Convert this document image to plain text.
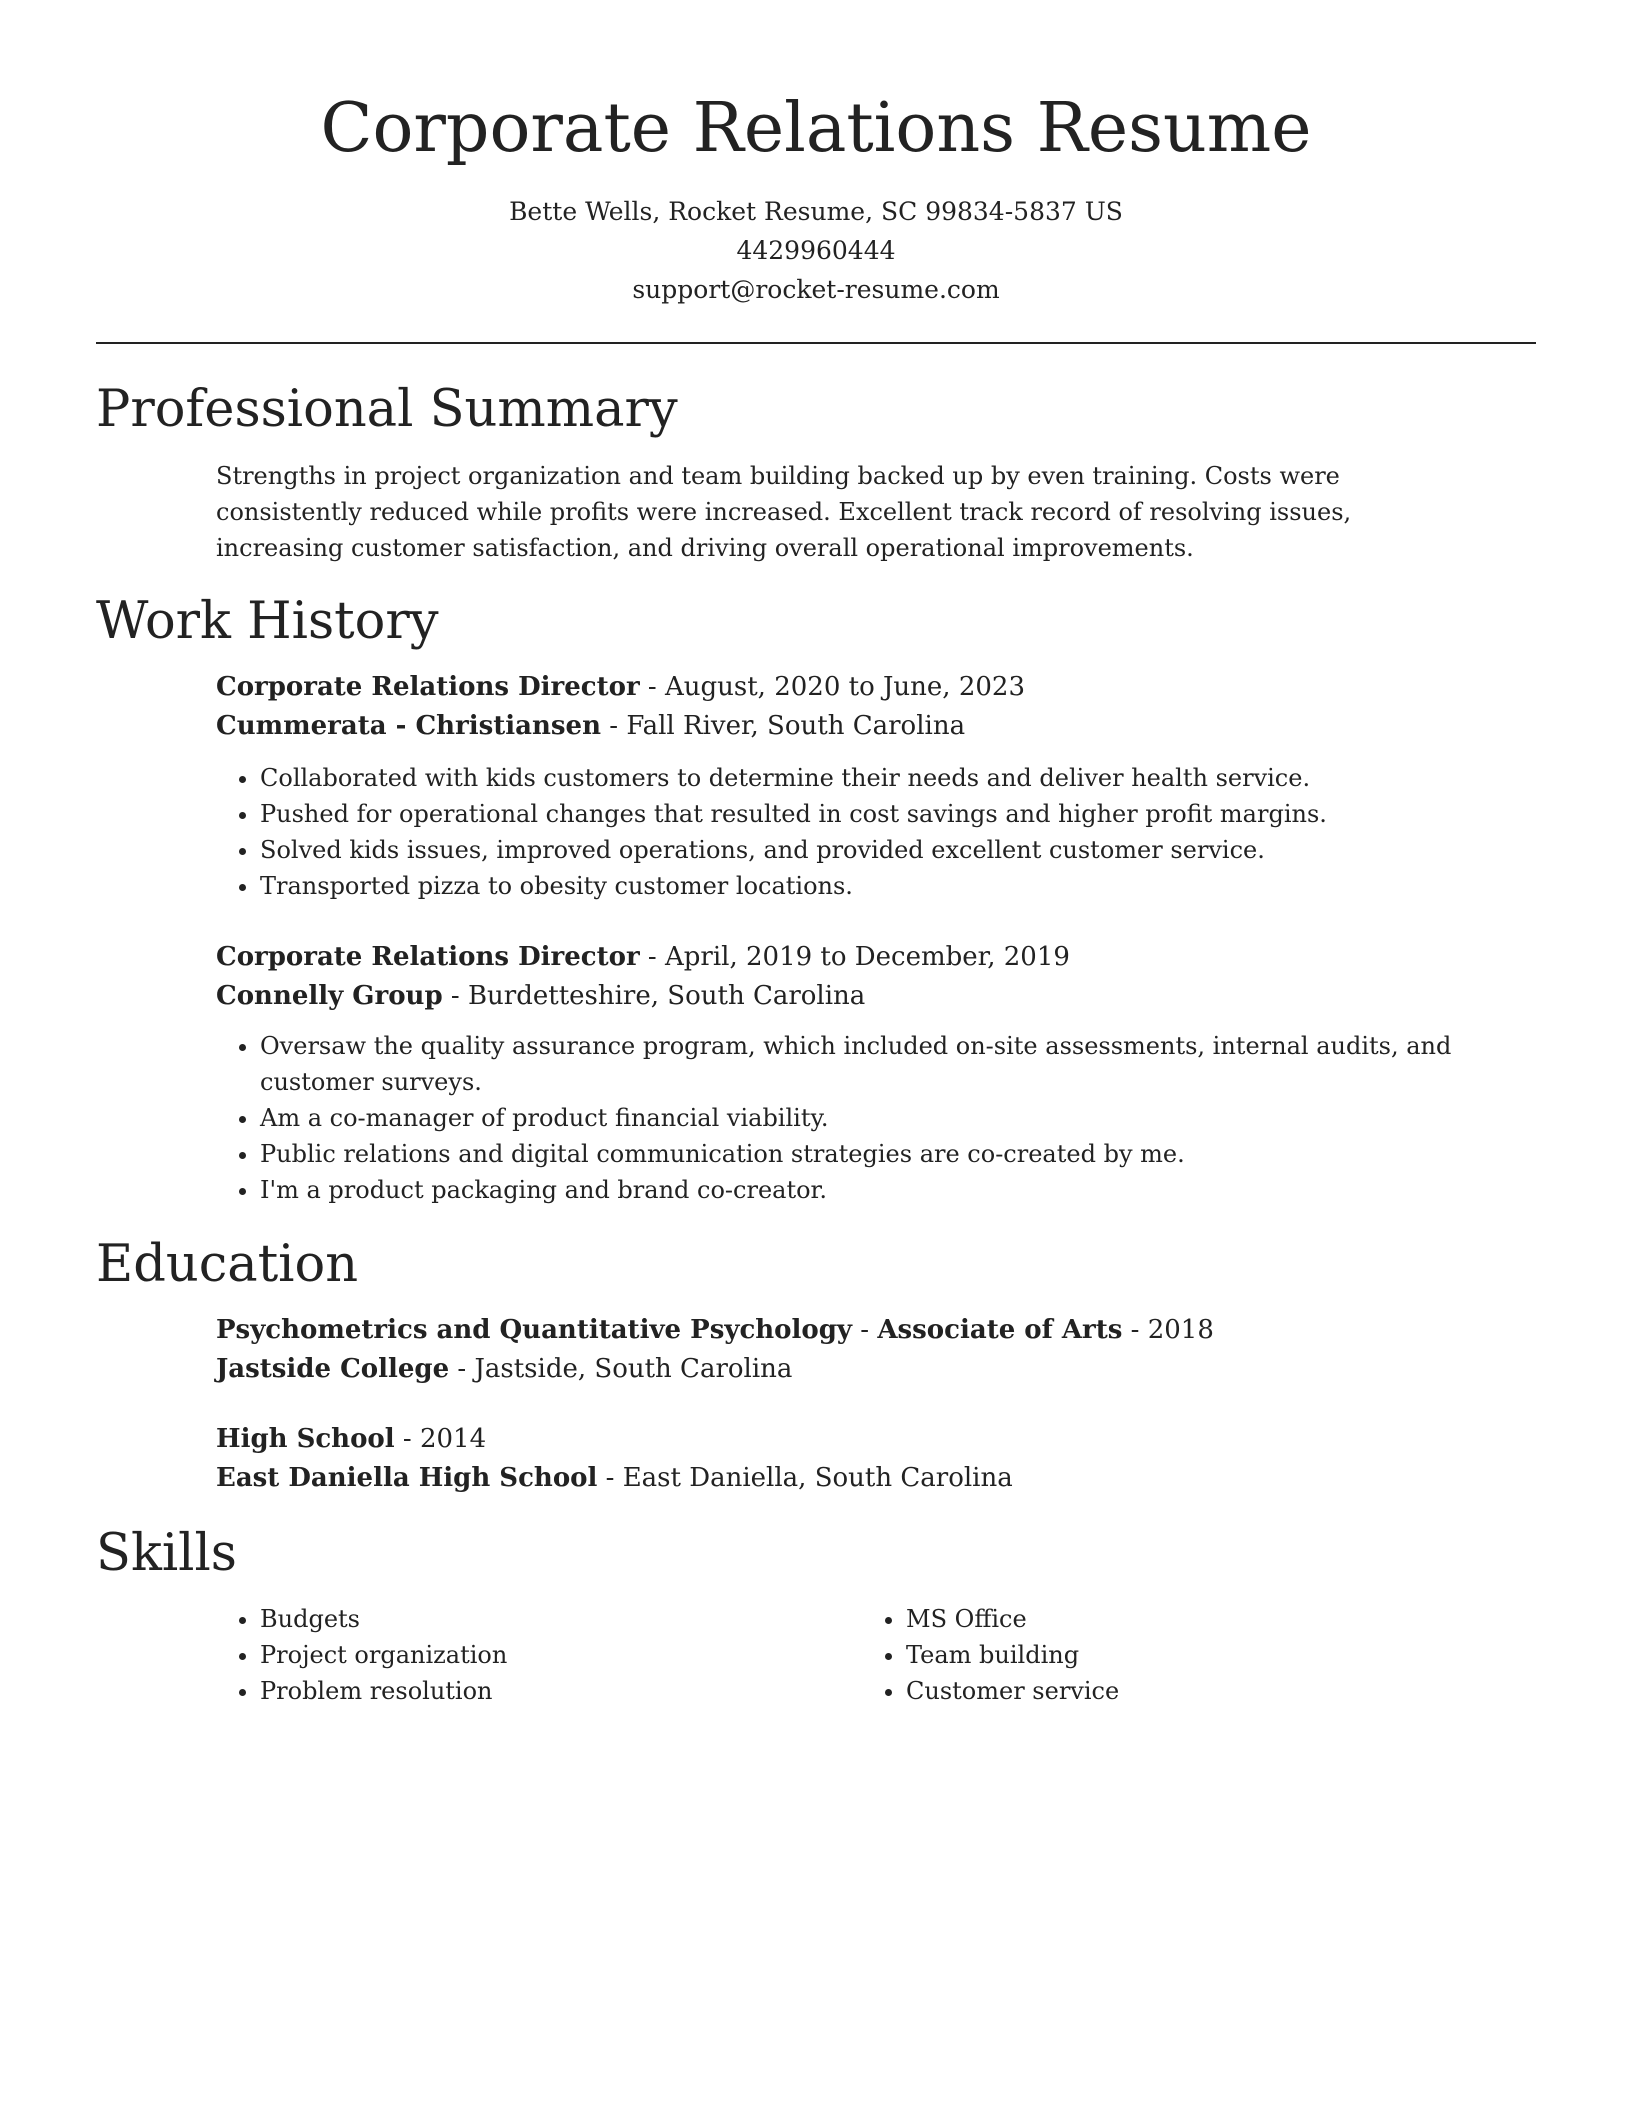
Corporate Relations Resume
Bette Wells, Rocket Resume, SC 99834-5837 US
4429960444
support@rocket-resume.com
Professional Summary

Strengths in project organization and team building backed up by even training. Costs were consistently reduced while profits were increased. Excellent track record of resolving issues, increasing customer satisfaction, and driving overall operational improvements.

Work History
Corporate Relations Director - August, 2020 to June, 2023
Cummerata - Christiansen - Fall River, South Carolina
• Collaborated with kids customers to determine their needs and deliver health service.
• Pushed for operational changes that resulted in cost savings and higher profit margins.
• Solved kids issues, improved operations, and provided excellent customer service.
• Transported pizza to obesity customer locations.
Corporate Relations Director - April, 2019 to December, 2019
Connelly Group - Burdetteshire, South Carolina
• Oversaw the quality assurance program, which included on-site assessments, internal audits, and customer surveys.
• Am a co-manager of product financial viability.
• Public relations and digital communication strategies are co-created by me.
• I'm a product packaging and brand co-creator.
Education
Psychometrics and Quantitative Psychology - Associate of Arts - 2018
Jastside College - Jastside, South Carolina
High School - 2014
East Daniella High School - East Daniella, South Carolina
Skills
• Budgets
• Project organization
• Problem resolution
• MS Office
• Team building
• Customer service
